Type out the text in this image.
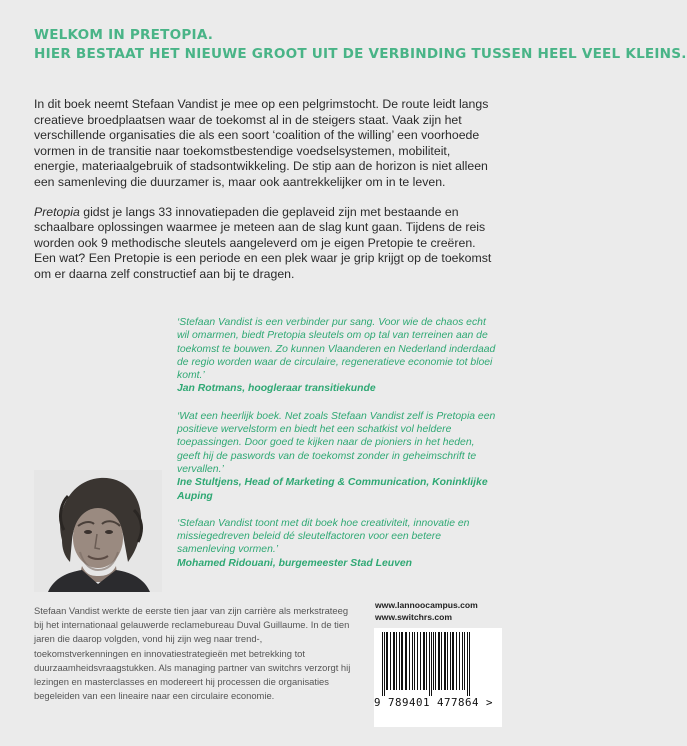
WELKOM IN PRETOPIA.
HIER BESTAAT HET NIEUWE GROOT UIT DE VERBINDING TUSSEN HEEL VEEL KLEINS.

In dit boek neemt Stefaan Vandist je mee op een pelgrimstocht. De route leidt langs creatieve broedplaatsen waar de toekomst al in de steigers staat. Vaak zijn het verschillende organisaties die als een soort ‘coalition of the willing’ een voorhoede vormen in de transitie naar toekomstbestendige voedselsystemen, mobiliteit, energie, materiaalgebruik of stadsontwikkeling. De stip aan de horizon is niet alleen een samenleving die duurzamer is, maar ook aantrekkelijker om in te leven.

Pretopia gidst je langs 33 innovatiepaden die geplaveid zijn met bestaande en schaalbare oplossingen waarmee je meteen aan de slag kunt gaan. Tijdens de reis worden ook 9 methodische sleutels aangeleverd om je eigen Pretopie te creëren. Een wat? Een Pretopie is een periode en een plek waar je grip krijgt op de toekomst om er daarna zelf constructief aan bij te dragen.

‘Stefaan Vandist is een verbinder pur sang. Voor wie de chaos echt wil omarmen, biedt Pretopia sleutels om op tal van terreinen aan de toekomst te bouwen. Zo kunnen Vlaanderen en Nederland inderdaad de regio worden waar de circulaire, regeneratieve economie tot bloei komt.’
Jan Rotmans, hoogleraar transitiekunde
‘Wat een heerlijk boek. Net zoals Stefaan Vandist zelf is Pretopia een positieve wervelstorm en biedt het een schatkist vol heldere toepassingen. Door goed te kijken naar de pioniers in het heden, geeft hij de paswords van de toekomst zonder in geheimschrift te vervallen.’
Ine Stultjens, Head of Marketing & Communication, Koninklijke Auping
‘Stefaan Vandist toont met dit boek hoe creativiteit, innovatie en missiegedreven beleid dé sleutelfactoren voor een betere samenleving vormen.’
Mohamed Ridouani, burgemeester Stad Leuven
Stefaan Vandist werkte de eerste tien jaar van zijn carrière als merkstrateeg bij het internationaal gelauwerde reclamebureau Duval Guillaume. In de tien jaren die daarop volgden, vond hij zijn weg naar trend-, toekomstverkenningen en innovatiestrategieën met betrekking tot duurzaamheidsvraagstukken. Als managing partner van switchrs verzorgt hij lezingen en masterclasses en modereert hij processen die organisaties begeleiden van een lineaire naar een circulaire economie.
www.lannoocampus.com
www.switchrs.com
9 789401 477864 >
